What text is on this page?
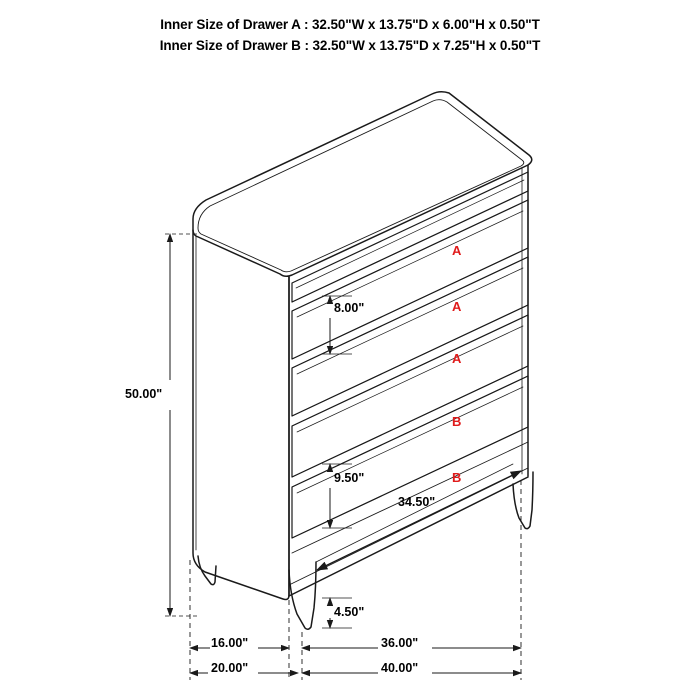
Inner Size of Drawer A : 32.50"W x 13.75"D x 6.00"H x 0.50"T
Inner Size of Drawer B : 32.50"W x 13.75"D x 7.25"H x 0.50"T
A
A
A
B
B
50.00"
8.00"
9.50"
34.50"
4.50"
16.00"	36.00"
20.00"	40.00"
